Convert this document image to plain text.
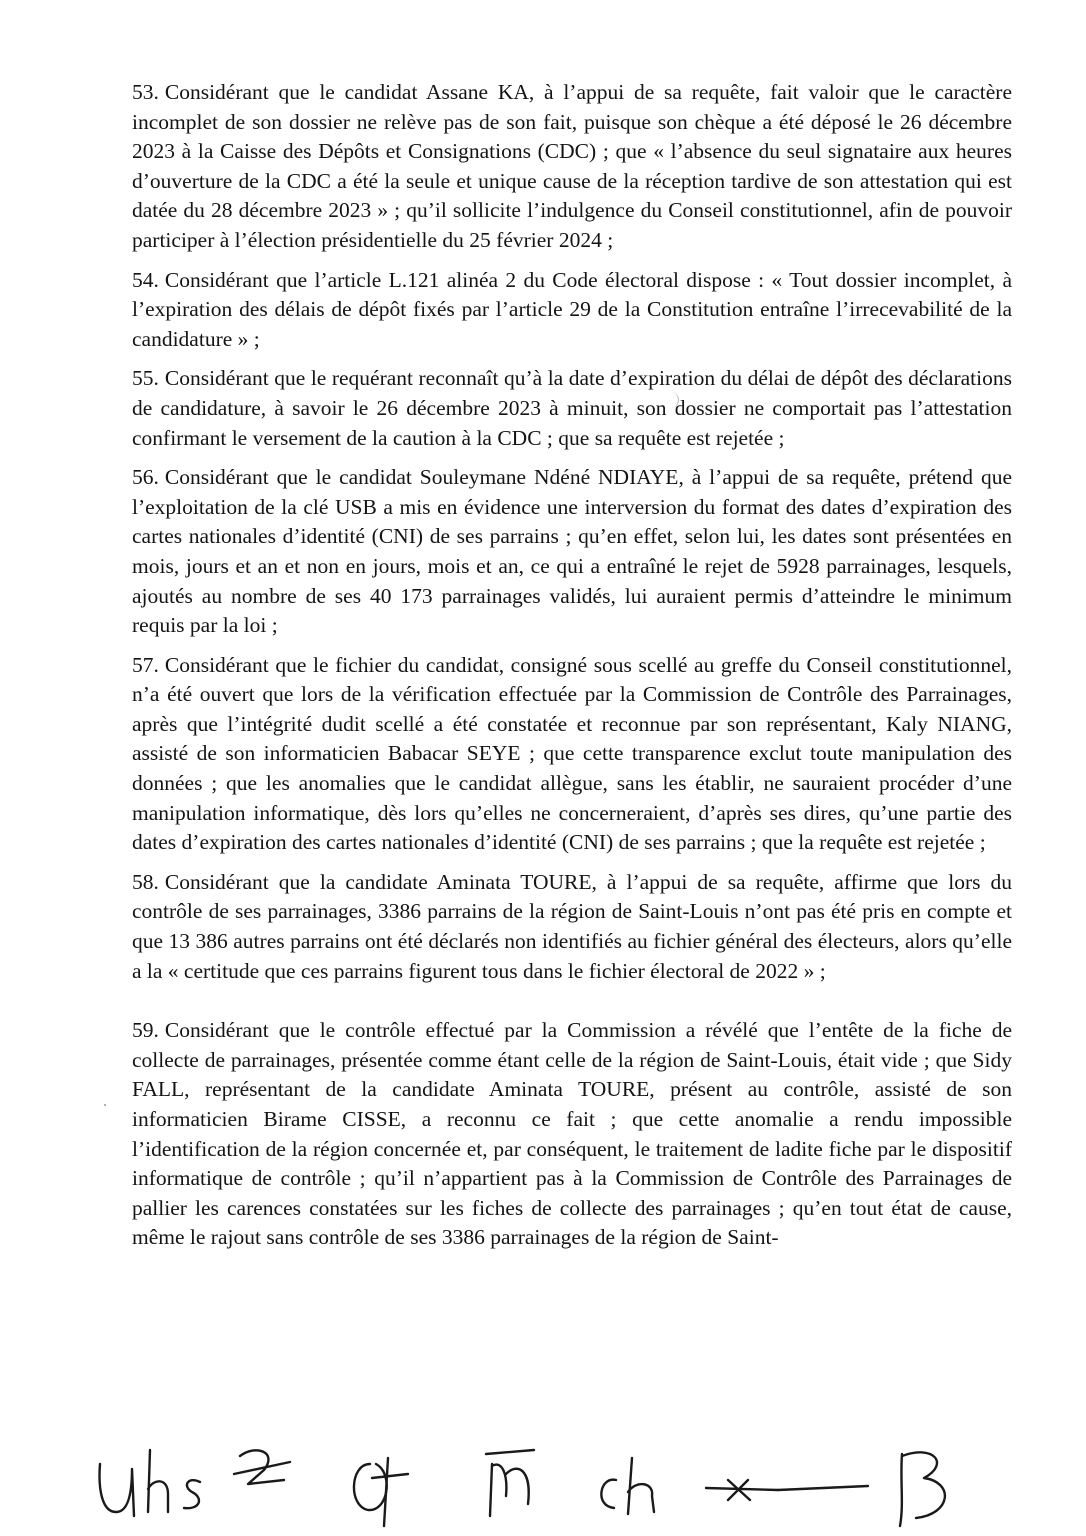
53. Considérant que le candidat Assane KA, à l’appui de sa requête, fait valoir que le caractère incomplet de son dossier ne relève pas de son fait, puisque son chèque a été déposé le 26 décembre 2023 à la Caisse des Dépôts et Consignations (CDC) ; que « l’absence du seul signataire aux heures d’ouverture de la CDC a été la seule et unique cause de la réception tardive de son attestation qui est datée du 28 décembre 2023 » ; qu’il sollicite l’indulgence du Conseil constitutionnel, afin de pouvoir participer à l’élection présidentielle du 25 février 2024 ;

54. Considérant que l’article L.121 alinéa 2 du Code électoral dispose : « Tout dossier incomplet, à l’expiration des délais de dépôt fixés par l’article 29 de la Constitution entraîne l’irrecevabilité de la candidature » ;

55. Considérant que le requérant reconnaît qu’à la date d’expiration du délai de dépôt des déclarations de candidature, à savoir le 26 décembre 2023 à minuit, son dossier ne comportait pas l’attestation confirmant le versement de la caution à la CDC ; que sa requête est rejetée ;

56. Considérant que le candidat Souleymane Ndéné NDIAYE, à l’appui de sa requête, prétend que l’exploitation de la clé USB a mis en évidence une interversion du format des dates d’expiration des cartes nationales d’identité (CNI) de ses parrains ; qu’en effet, selon lui, les dates sont présentées en mois, jours et an et non en jours, mois et an, ce qui a entraîné le rejet de 5928 parrainages, lesquels, ajoutés au nombre de ses 40 173 parrainages validés, lui auraient permis d’atteindre le minimum requis par la loi ;

57. Considérant que le fichier du candidat, consigné sous scellé au greffe du Conseil constitutionnel, n’a été ouvert que lors de la vérification effectuée par la Commission de Contrôle des Parrainages, après que l’intégrité dudit scellé a été constatée et reconnue par son représentant, Kaly NIANG, assisté de son informaticien Babacar SEYE ; que cette transparence exclut toute manipulation des données ; que les anomalies que le candidat allègue, sans les établir, ne sauraient procéder d’une manipulation informatique, dès lors qu’elles ne concerneraient, d’après ses dires, qu’une partie des dates d’expiration des cartes nationales d’identité (CNI) de ses parrains ; que la requête est rejetée ;

58. Considérant que la candidate Aminata TOURE, à l’appui de sa requête, affirme que lors du contrôle de ses parrainages, 3386 parrains de la région de Saint-Louis n’ont pas été pris en compte et que 13 386 autres parrains ont été déclarés non identifiés au fichier général des électeurs, alors qu’elle a la « certitude que ces parrains figurent tous dans le fichier électoral de 2022 » ;

59. Considérant que le contrôle effectué par la Commission a révélé que l’entête de la fiche de collecte de parrainages, présentée comme étant celle de la région de Saint-Louis, était vide ; que Sidy FALL, représentant de la candidate Aminata TOURE, présent au contrôle, assisté de son informaticien Birame CISSE, a reconnu ce fait ; que cette anomalie a rendu impossible l’identification de la région concernée et, par conséquent, le traitement de ladite fiche par le dispositif informatique de contrôle ; qu’il n’appartient pas à la Commission de Contrôle des Parrainages de pallier les carences constatées sur les fiches de collecte des parrainages ; qu’en tout état de cause, même le rajout sans contrôle de ses 3386 parrainages de la région de Saint-
